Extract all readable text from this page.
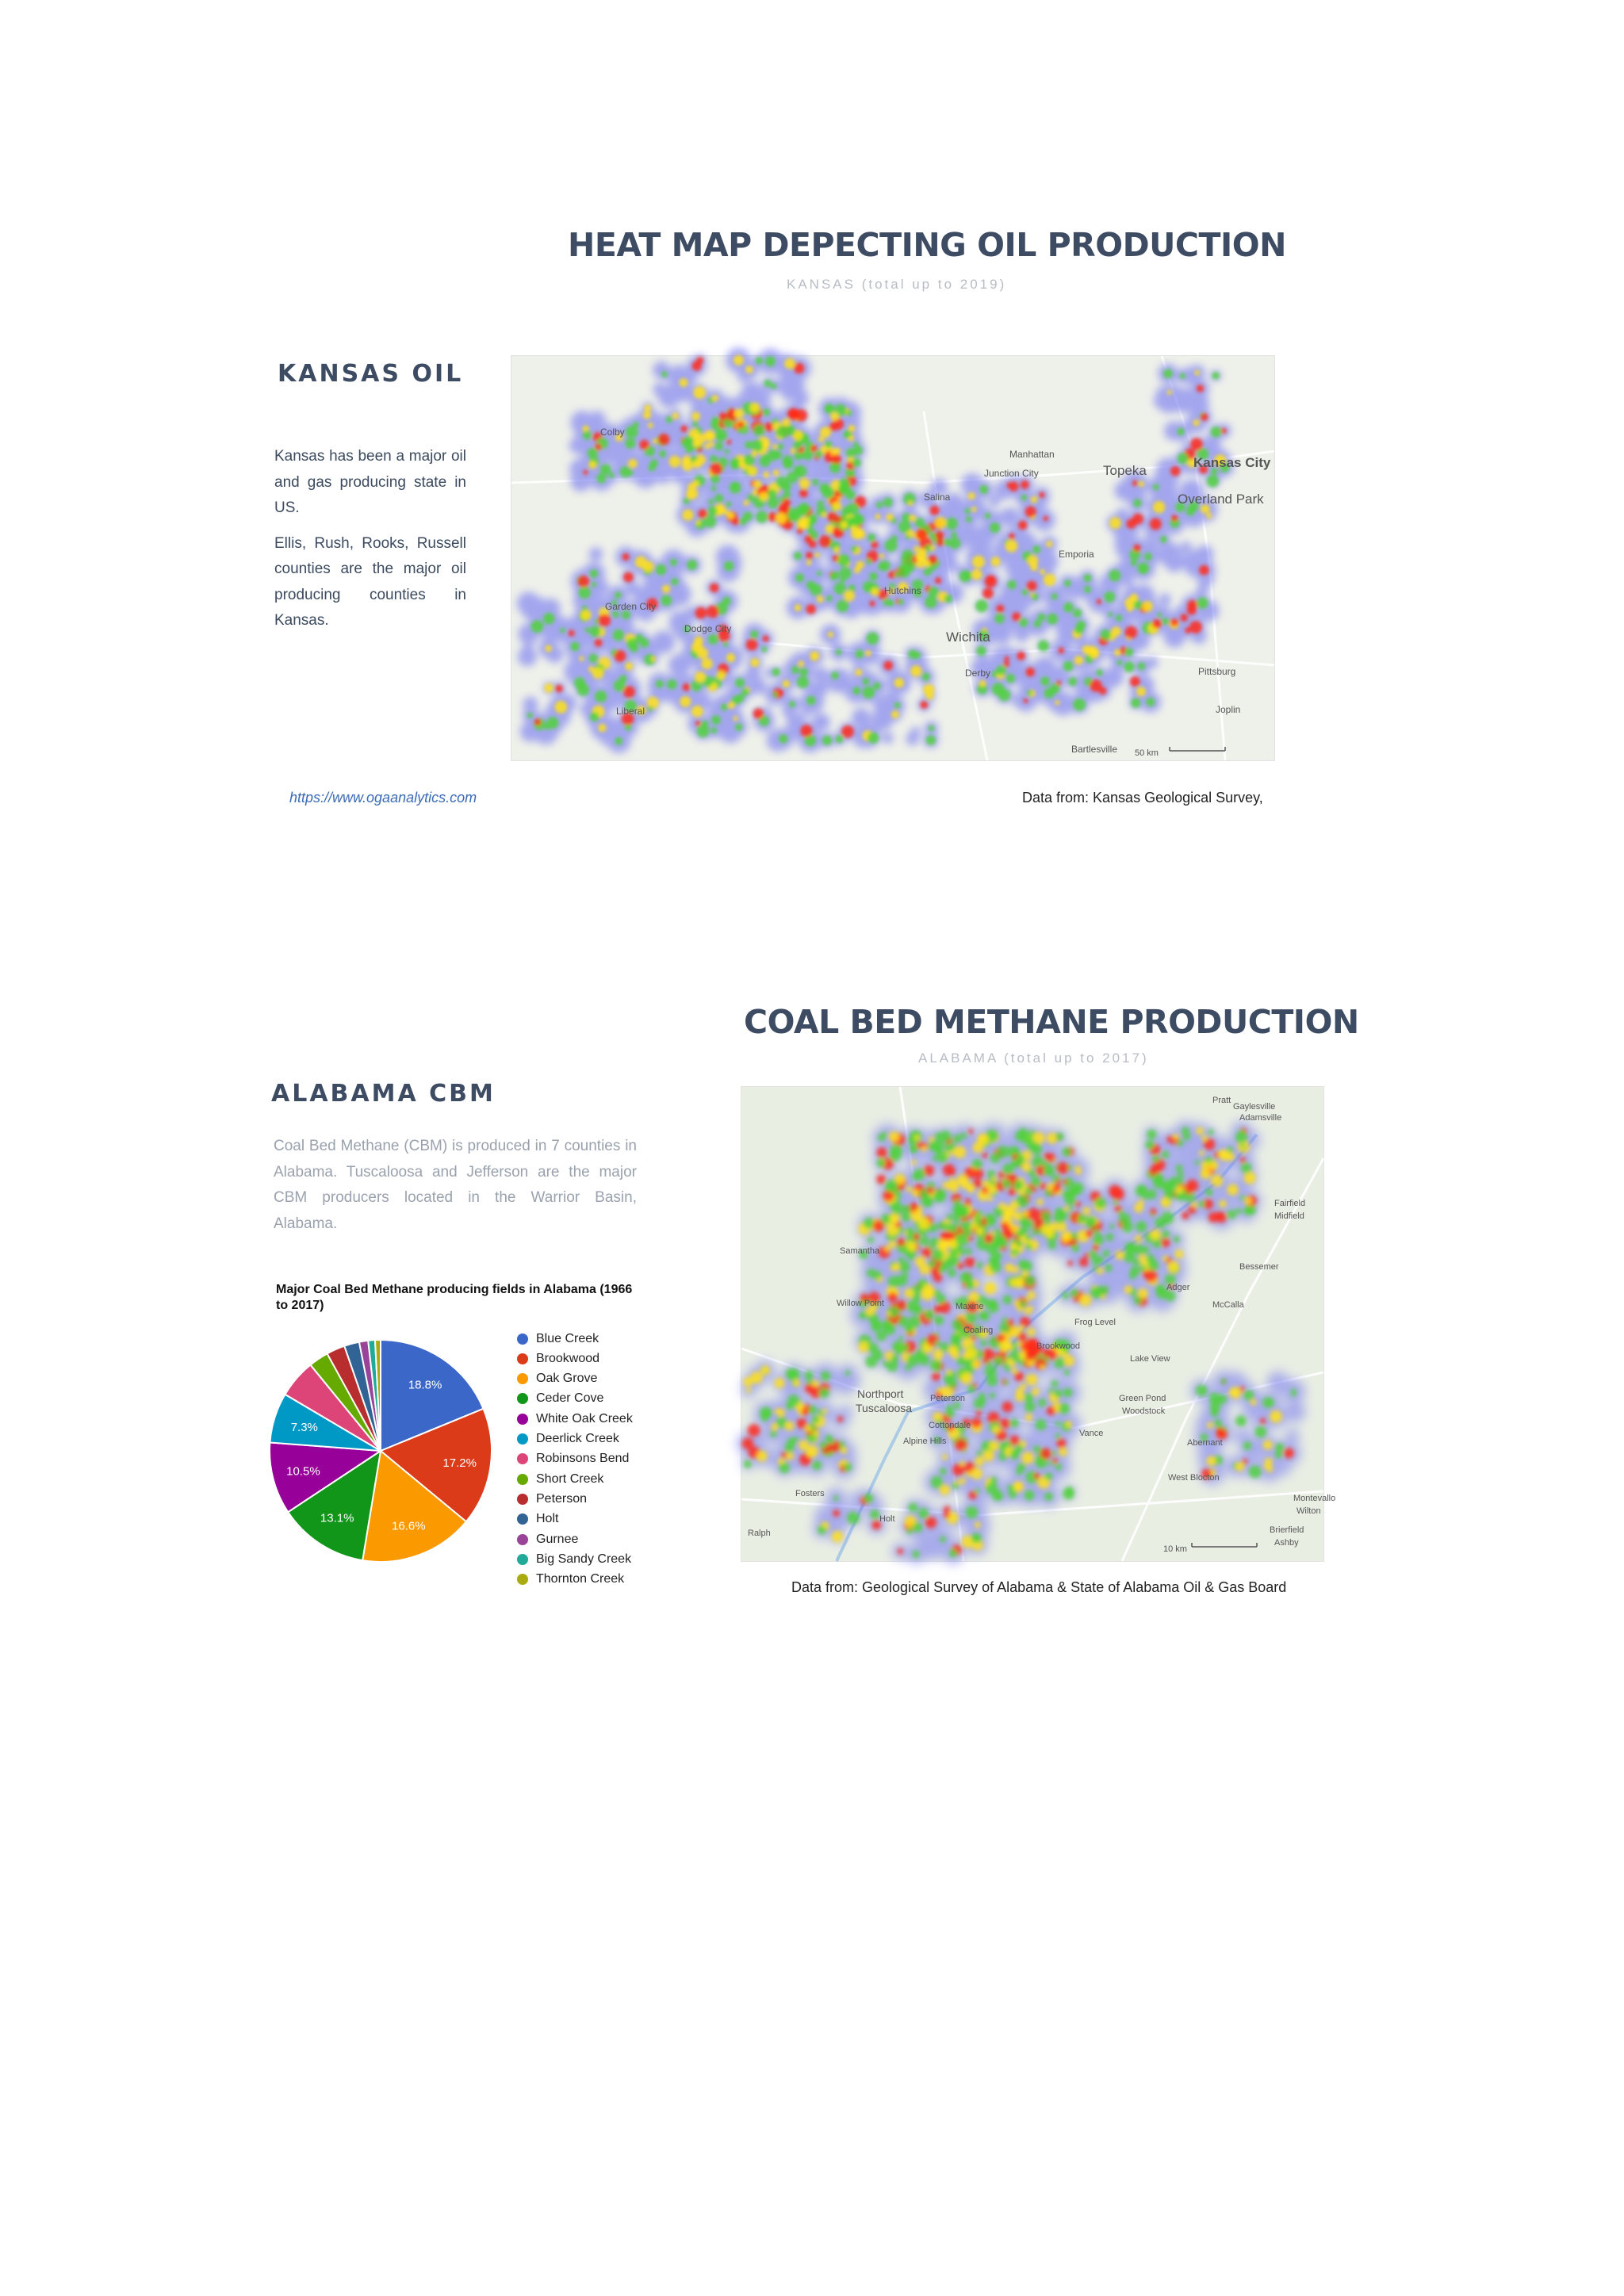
HEAT MAP DEPECTING OIL PRODUCTION
KANSAS (total up to 2019)
KANSAS OIL

Kansas has been a major oil and gas producing state in US.

Ellis, Rush, Rooks, Russell counties are the major oil producing counties in Kansas.

Colby
Manhattan
Junction City	Topeka
Kansas City
Overland Park
Salina
Emporia
Hutchins
Wichita
Garden City
Dodge City
Derby	Pittsburg
Joplin
Bartlesville
Liberal
50 km
https://www.ogaanalytics.com	Data from: Kansas Geological Survey,
COAL BED METHANE PRODUCTION
ALABAMA (total up to 2017)
ALABAMA CBM

Coal Bed Methane (CBM) is produced in 7 counties in Alabama. Tuscaloosa and Jefferson are the major CBM producers located in the Warrior Basin, Alabama.

Major Coal Bed Methane producing fields in Alabama (1966 to 2017)
18.8%
17.2%
16.6%
13.1%
10.5%
7.3%
Blue Creek
Brookwood
Oak Grove
Ceder Cove
White Oak Creek
Deerlick Creek
Robinsons Bend
Short Creek
Peterson
Holt
Gurnee
Big Sandy Creek
Thornton Creek
Gaylesville
Adamsville
Fairfield
Midfield
Samantha
Bessemer
Adger
McCalla
Willow Point
Lake View
Northport
Tuscaloosa
Cottondale
Alpine Hills
Vance
Green Pond
Woodstock
Abernant
West Blocton
Fosters
Ralph	Brierfield
Ashby
Montevallo
Wilton
Holt
Peterson
Brookwood
Coaling
Maxine
Pratt
Frog Level
10 km
Data from: Geological Survey of Alabama & State of Alabama Oil & Gas Board
